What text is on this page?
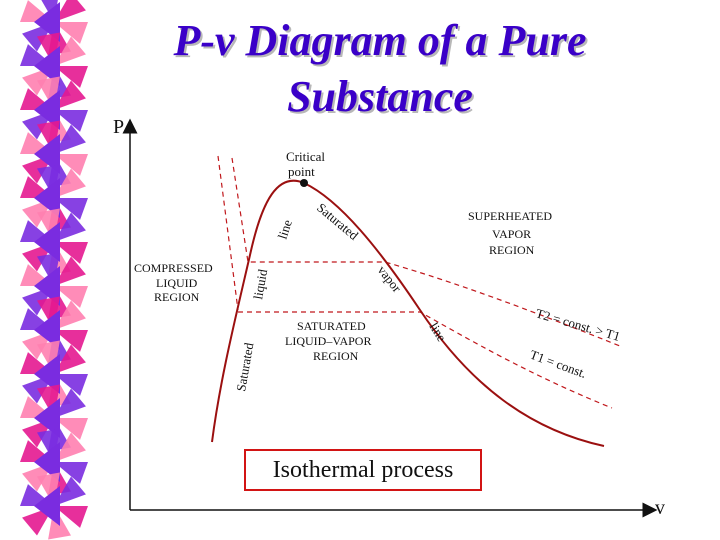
P-v Diagram of a Pure
Substance
P
v
Critical
point
Saturated
liquid
line Saturated
vapor
line
COMPRESSED
LIQUID
REGION
SUPERHEATED
VAPOR
REGION
SATURATED
LIQUID–VAPOR
REGION
T2 = const. > T1
T1 = const.
Isothermal process
